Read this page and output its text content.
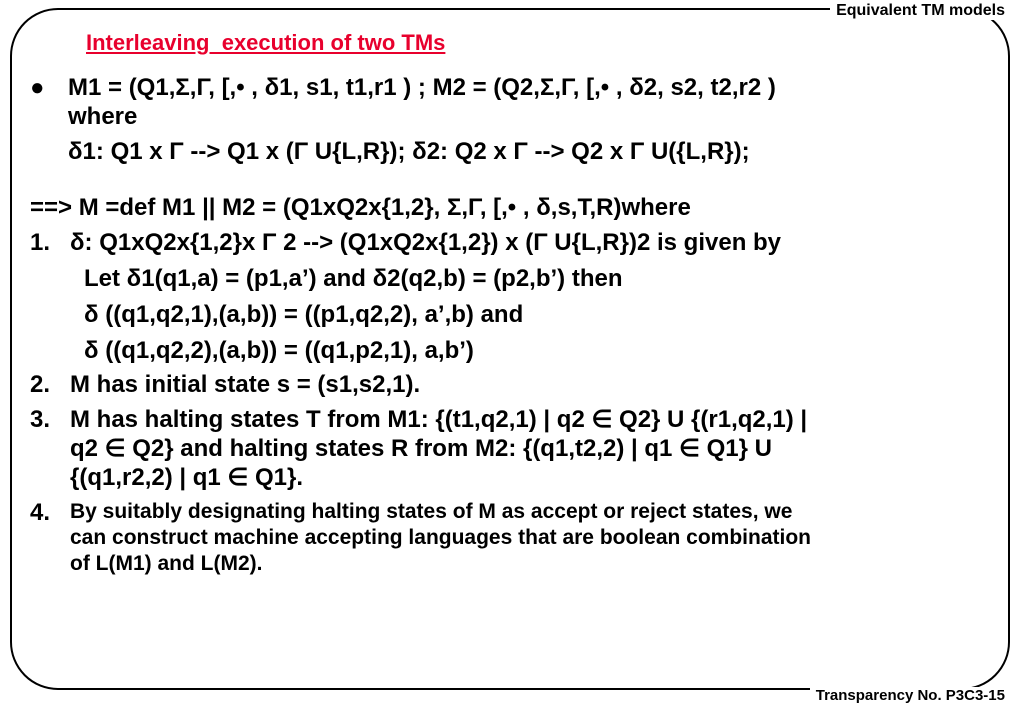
Equivalent TM models
Interleaving  execution of two TMs
● M1 = (Q1,Σ,Γ, [,• , δ1, s1, t1,r1 ) ; M2 = (Q2,Σ,Γ, [,• , δ2, s2, t2,r2 )
where
δ1: Q1 x Γ --> Q1 x (Γ U{L,R}); δ2: Q2 x Γ --> Q2 x Γ U({L,R});
==> M =def M1 || M2 = (Q1xQ2x{1,2}, Σ,Γ, [,• , δ,s,T,R)where
1. δ: Q1xQ2x{1,2}x Γ 2 --> (Q1xQ2x{1,2}) x (Γ U{L,R})2 is given by
Let δ1(q1,a) = (p1,a’) and δ2(q2,b) = (p2,b’) then
δ ((q1,q2,1),(a,b)) = ((p1,q2,2), a’,b) and
δ ((q1,q2,2),(a,b)) = ((q1,p2,1), a,b’)
2. M has initial state s = (s1,s2,1).
3. M has halting states T from M1: {(t1,q2,1) | q2 ∈ Q2} U {(r1,q2,1) |
q2 ∈ Q2} and halting states R from M2: {(q1,t2,2) | q1 ∈ Q1} U
{(q1,r2,2) | q1 ∈ Q1}.
4. By suitably designating halting states of M as accept or reject states, we
can construct machine accepting languages that are boolean combination
of L(M1) and L(M2).
Transparency No. P3C3-15
